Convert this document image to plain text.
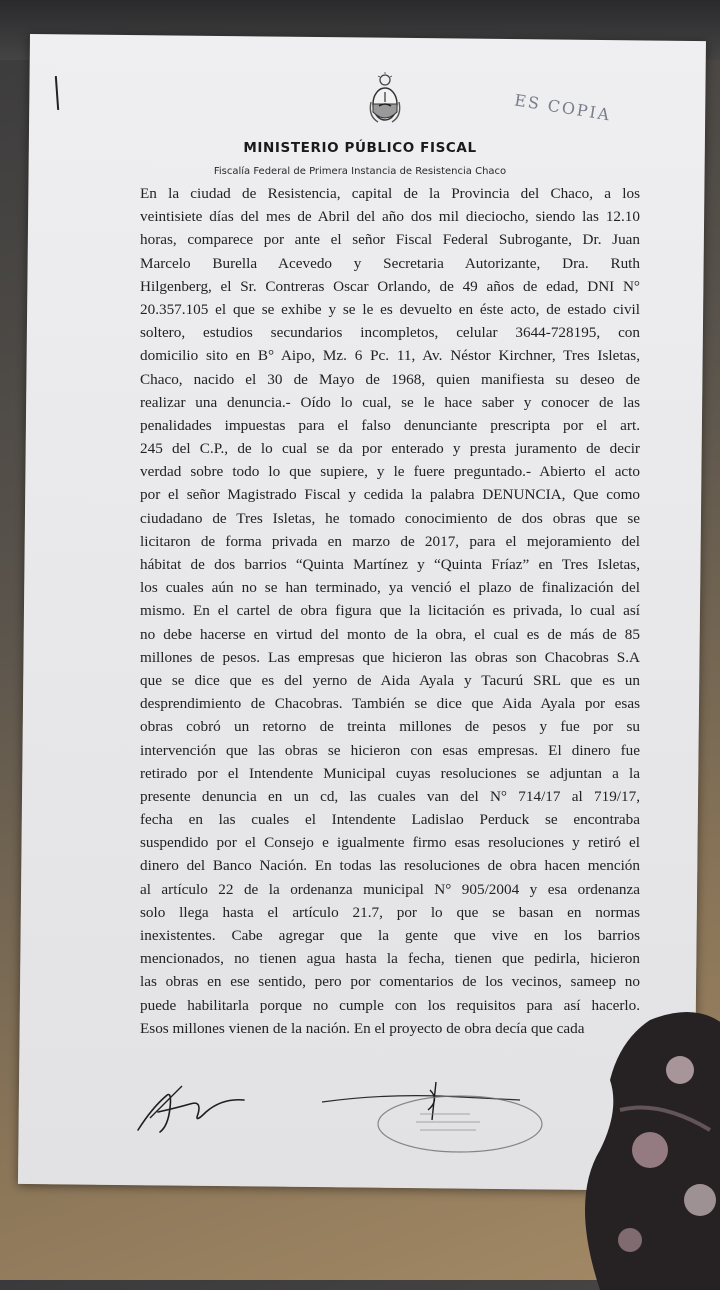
ES COPIA
MINISTERIO PÚBLICO FISCAL
Fiscalía Federal de Primera Instancia de Resistencia Chaco
En la ciudad de Resistencia, capital de la Provincia del Chaco, a los
veintisiete días del mes de Abril del año dos mil dieciocho, siendo las 12.10
horas, comparece por ante el señor Fiscal Federal Subrogante, Dr. Juan
Marcelo Burella Acevedo y Secretaria Autorizante, Dra. Ruth
Hilgenberg, el Sr. Contreras Oscar Orlando, de 49 años de edad, DNI N°
20.357.105 el que se exhibe y se le es devuelto en éste acto, de estado civil
soltero, estudios secundarios incompletos, celular 3644-728195, con
domicilio sito en B° Aipo, Mz. 6 Pc. 11, Av. Néstor Kirchner, Tres Isletas,
Chaco, nacido el 30 de Mayo de 1968, quien manifiesta su deseo de
realizar una denuncia.- Oído lo cual, se le hace saber y conocer de las
penalidades impuestas para el falso denunciante prescripta por el art.
245 del C.P., de lo cual se da por enterado y presta juramento de decir
verdad sobre todo lo que supiere, y le fuere preguntado.- Abierto el acto
por el señor Magistrado Fiscal y cedida la palabra DENUNCIA, Que como
ciudadano de Tres Isletas, he tomado conocimiento de dos obras que se
licitaron de forma privada en marzo de 2017, para el mejoramiento del
hábitat de dos barrios “Quinta Martínez y “Quinta Fríaz” en Tres Isletas,
los cuales aún no se han terminado, ya venció el plazo de finalización del
mismo. En el cartel de obra figura que la licitación es privada, lo cual así
no debe hacerse en virtud del monto de la obra, el cual es de más de 85
millones de pesos. Las empresas que hicieron las obras son Chacobras S.A
que se dice que es del yerno de Aida Ayala y Tacurú SRL que es un
desprendimiento de Chacobras. También se dice que Aida Ayala por esas
obras cobró un retorno de treinta millones de pesos y fue por su
intervención que las obras se hicieron con esas empresas. El dinero fue
retirado por el Intendente Municipal cuyas resoluciones se adjuntan a la
presente denuncia en un cd, las cuales van del N° 714/17 al 719/17,
fecha en las cuales el Intendente Ladislao Perduck se encontraba
suspendido por el Consejo e igualmente firmo esas resoluciones y retiró el
dinero del Banco Nación. En todas las resoluciones de obra hacen mención
al artículo 22 de la ordenanza municipal N° 905/2004 y esa ordenanza
solo llega hasta el artículo 21.7, por lo que se basan en normas
inexistentes. Cabe agregar que la gente que vive en los barrios
mencionados, no tienen agua hasta la fecha, tienen que pedirla, hicieron
las obras en ese sentido, pero por comentarios de los vecinos, sameep no
puede habilitarla porque no cumple con los requisitos para así hacerlo.
Esos millones vienen de la nación. En el proyecto de obra decía que cada
